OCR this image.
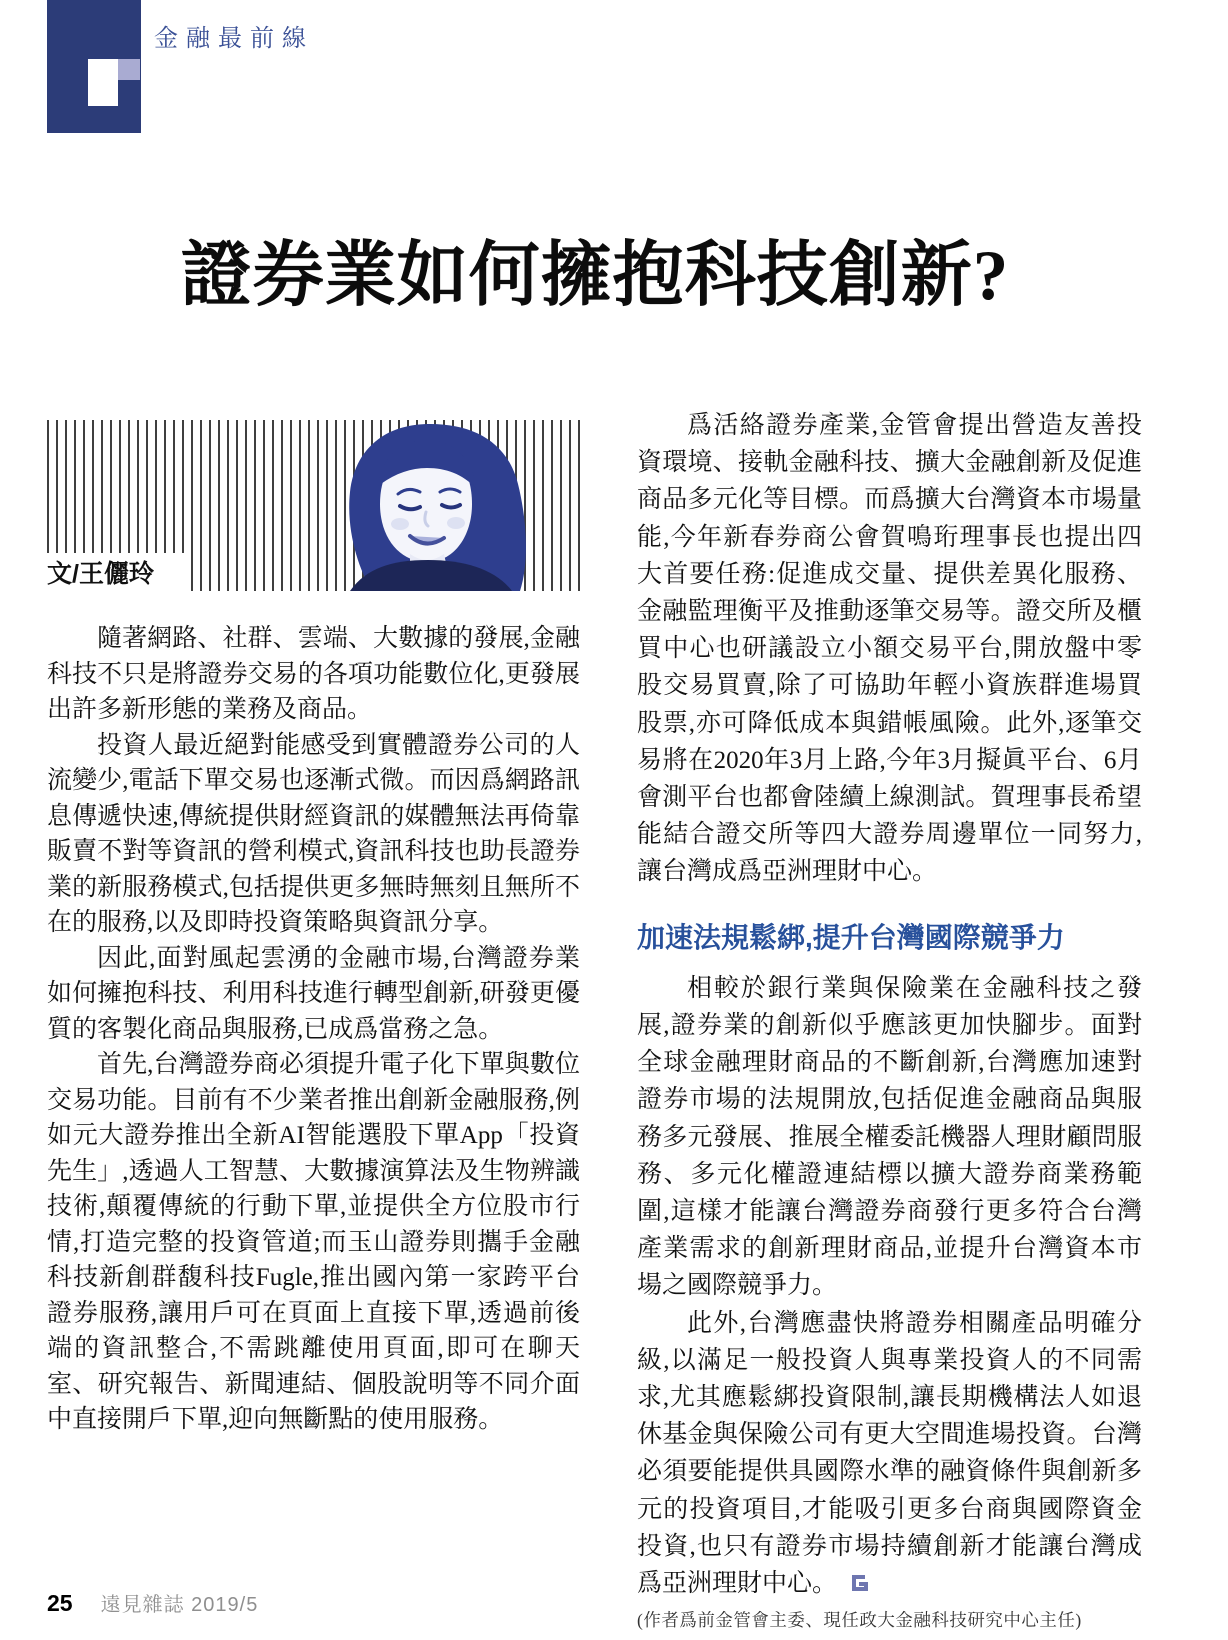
金融最前線
證券業如何擁抱科技創新?
文/王儷玲

隨著網路、社群、雲端、大數據的發展,金融科技不只是將證券交易的各項功能數位化,更發展出許多新形態的業務及商品。

投資人最近絕對能感受到實體證券公司的人流變少,電話下單交易也逐漸式微。而因爲網路訊息傳遞快速,傳統提供財經資訊的媒體無法再倚靠販賣不對等資訊的營利模式,資訊科技也助長證券業的新服務模式,包括提供更多無時無刻且無所不在的服務,以及即時投資策略與資訊分享。

因此,面對風起雲湧的金融市場,台灣證券業如何擁抱科技、利用科技進行轉型創新,研發更優質的客製化商品與服務,已成爲當務之急。

首先,台灣證券商必須提升電子化下單與數位交易功能。目前有不少業者推出創新金融服務,例如元大證券推出全新AI智能選股下單App「投資先生」,透過人工智慧、大數據演算法及生物辨識技術,顛覆傳統的行動下單,並提供全方位股市行情,打造完整的投資管道;而玉山證券則攜手金融科技新創群馥科技Fugle,推出國內第一家跨平台證券服務,讓用戶可在頁面上直接下單,透過前後端的資訊整合,不需跳離使用頁面,即可在聊天室、研究報告、新聞連結、個股說明等不同介面中直接開戶下單,迎向無斷點的使用服務。

爲活絡證券產業,金管會提出營造友善投資環境、接軌金融科技、擴大金融創新及促進商品多元化等目標。而爲擴大台灣資本市場量能,今年新春券商公會賀鳴珩理事長也提出四大首要任務:促進成交量、提供差異化服務、金融監理衡平及推動逐筆交易等。證交所及櫃買中心也研議設立小額交易平台,開放盤中零股交易買賣,除了可協助年輕小資族群進場買股票,亦可降低成本與錯帳風險。此外,逐筆交易將在2020年3月上路,今年3月擬眞平台、6月會測平台也都會陸續上線測試。賀理事長希望能結合證交所等四大證券周邊單位一同努力,讓台灣成爲亞洲理財中心。

加速法規鬆綁,提升台灣國際競爭力

相較於銀行業與保險業在金融科技之發展,證券業的創新似乎應該更加快腳步。面對全球金融理財商品的不斷創新,台灣應加速對證券市場的法規開放,包括促進金融商品與服務多元發展、推展全權委託機器人理財顧問服務、多元化權證連結標以擴大證券商業務範圍,這樣才能讓台灣證券商發行更多符合台灣產業需求的創新理財商品,並提升台灣資本市場之國際競爭力。

此外,台灣應盡快將證券相關產品明確分級,以滿足一般投資人與專業投資人的不同需求,尤其應鬆綁投資限制,讓長期機構法人如退休基金與保險公司有更大空間進場投資。台灣必須要能提供具國際水準的融資條件與創新多元的投資項目,才能吸引更多台商與國際資金投資,也只有證券市場持續創新才能讓台灣成爲亞洲理財中心。

(作者爲前金管會主委、現任政大金融科技研究中心主任)

25 遠見雜誌 2019/5
